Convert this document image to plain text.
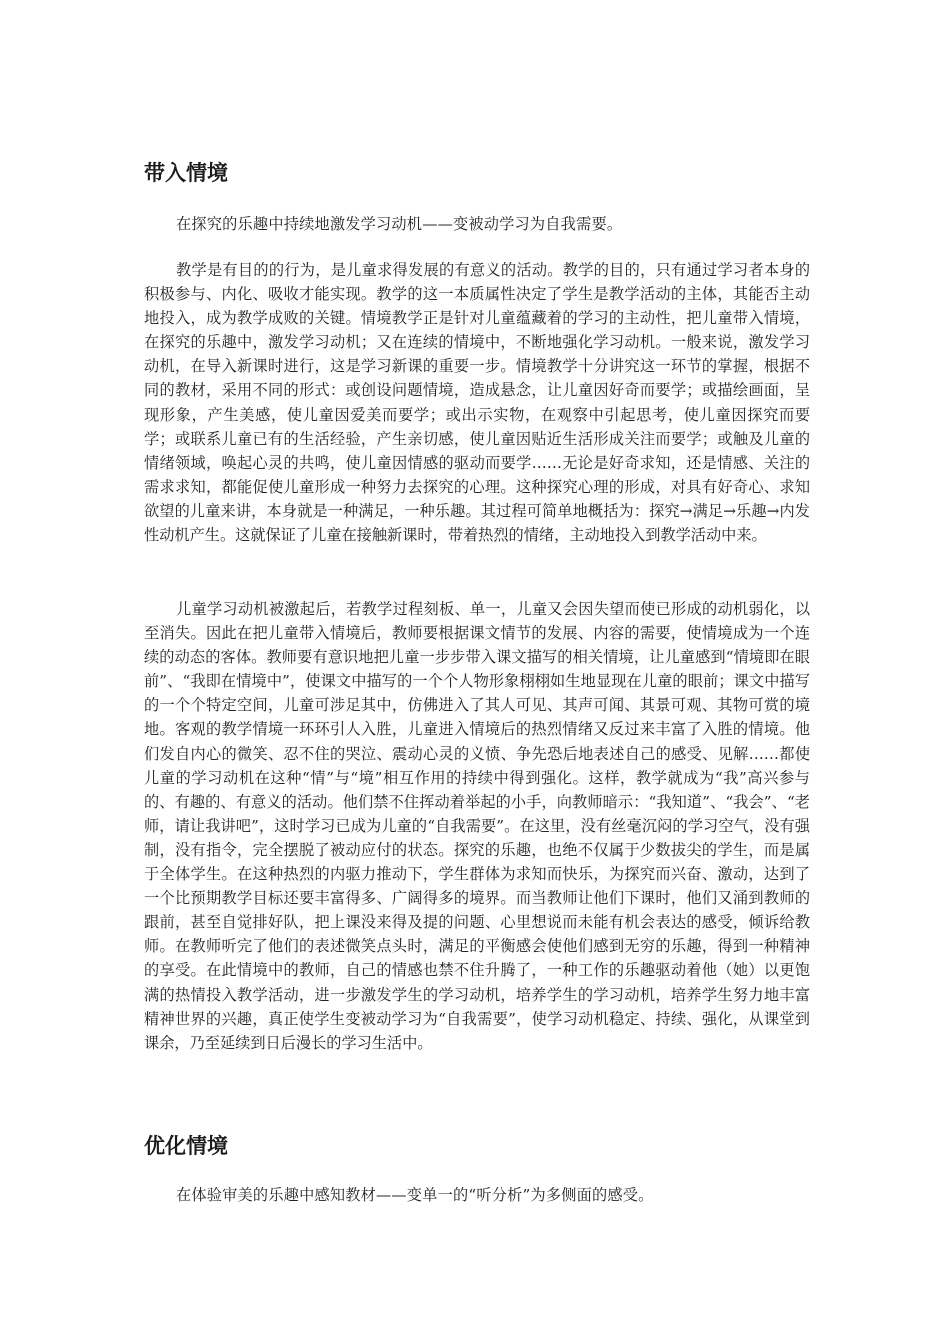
带入情境

在探究的乐趣中持续地激发学习动机——变被动学习为自我需要。

教学是有目的的行为，是儿童求得发展的有意义的活动。教学的目的，只有通过学习者本身的积极参与、内化、吸收才能实现。教学的这一本质属性决定了学生是教学活动的主体，其能否主动地投入，成为教学成败的关键。情境教学正是针对儿童蕴藏着的学习的主动性，把儿童带入情境，在探究的乐趣中，激发学习动机；又在连续的情境中，不断地强化学习动机。一般来说，激发学习动机，在导入新课时进行，这是学习新课的重要一步。情境教学十分讲究这一环节的掌握，根据不同的教材，采用不同的形式：或创设问题情境，造成悬念，让儿童因好奇而要学；或描绘画面，呈现形象，产生美感，使儿童因爱美而要学；或出示实物，在观察中引起思考，使儿童因探究而要学；或联系儿童已有的生活经验，产生亲切感，使儿童因贴近生活形成关注而要学；或触及儿童的情绪领域，唤起心灵的共鸣，使儿童因情感的驱动而要学……无论是好奇求知，还是情感、关注的需求求知，都能促使儿童形成一种努力去探究的心理。这种探究心理的形成，对具有好奇心、求知欲望的儿童来讲，本身就是一种满足，一种乐趣。其过程可简单地概括为：探究→满足→乐趣→内发性动机产生。这就保证了儿童在接触新课时，带着热烈的情绪，主动地投入到教学活动中来。

儿童学习动机被激起后，若教学过程刻板、单一，儿童又会因失望而使已形成的动机弱化，以至消失。因此在把儿童带入情境后，教师要根据课文情节的发展、内容的需要，使情境成为一个连续的动态的客体。教师要有意识地把儿童一步步带入课文描写的相关情境，让儿童感到“情境即在眼前”、“我即在情境中”，使课文中描写的一个个人物形象栩栩如生地显现在儿童的眼前；课文中描写的一个个特定空间，儿童可涉足其中，仿佛进入了其人可见、其声可闻、其景可观、其物可赏的境地。客观的教学情境一环环引人入胜，儿童进入情境后的热烈情绪又反过来丰富了入胜的情境。他们发自内心的微笑、忍不住的哭泣、震动心灵的义愤、争先恐后地表述自己的感受、见解……都使儿童的学习动机在这种“情”与“境”相互作用的持续中得到强化。这样，教学就成为“我”高兴参与的、有趣的、有意义的活动。他们禁不住挥动着举起的小手，向教师暗示：“我知道”、“我会”、“老师，请让我讲吧”，这时学习已成为儿童的“自我需要”。在这里，没有丝毫沉闷的学习空气，没有强制，没有指令，完全摆脱了被动应付的状态。探究的乐趣，也绝不仅属于少数拔尖的学生，而是属于全体学生。在这种热烈的内驱力推动下，学生群体为求知而快乐，为探究而兴奋、激动，达到了一个比预期教学目标还要丰富得多、广阔得多的境界。而当教师让他们下课时，他们又涌到教师的跟前，甚至自觉排好队，把上课没来得及提的问题、心里想说而未能有机会表达的感受，倾诉给教师。在教师听完了他们的表述微笑点头时，满足的平衡感会使他们感到无穷的乐趣，得到一种精神的享受。在此情境中的教师，自己的情感也禁不住升腾了，一种工作的乐趣驱动着他（她）以更饱满的热情投入教学活动，进一步激发学生的学习动机，培养学生的学习动机，培养学生努力地丰富精神世界的兴趣，真正使学生变被动学习为“自我需要”，使学习动机稳定、持续、强化，从课堂到课余，乃至延续到日后漫长的学习生活中。

优化情境

在体验审美的乐趣中感知教材——变单一的“听分析”为多侧面的感受。
